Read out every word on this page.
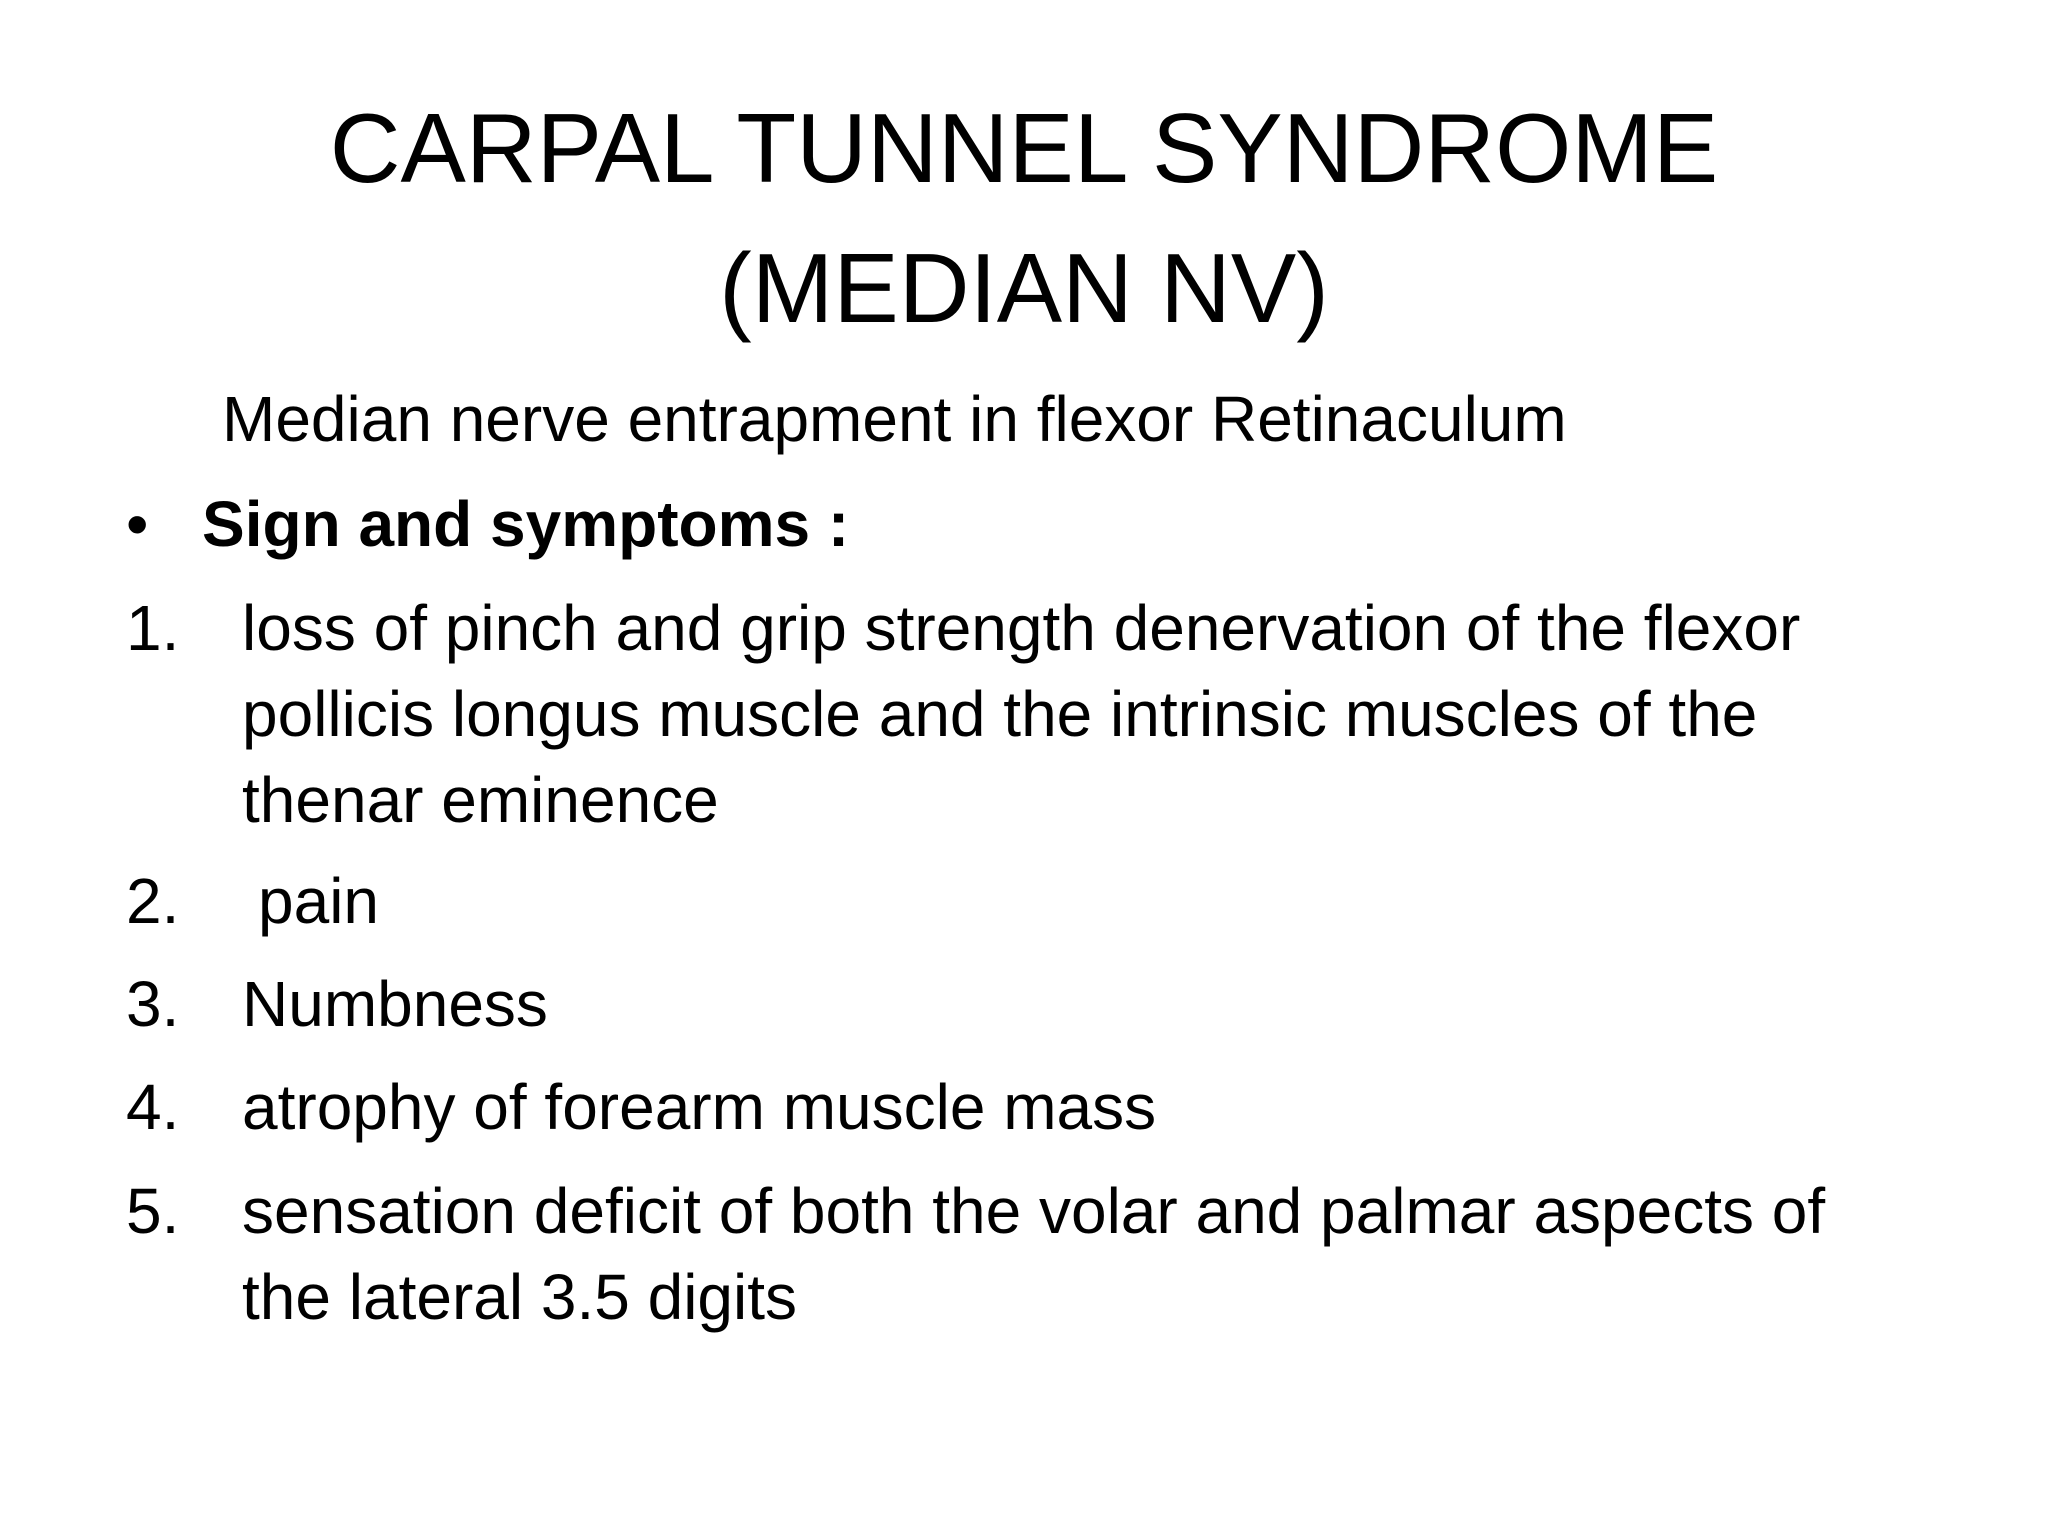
CARPAL TUNNEL SYNDROME
(MEDIAN NV)
Median nerve entrapment in flexor Retinaculum
• Sign and symptoms :
1. loss of pinch and grip strength denervation of the flexor
pollicis longus muscle and the intrinsic muscles of the
thenar eminence
2. pain
3. Numbness
4. atrophy of forearm muscle mass
5. sensation deficit of both the volar and palmar aspects of
the lateral 3.5 digits
